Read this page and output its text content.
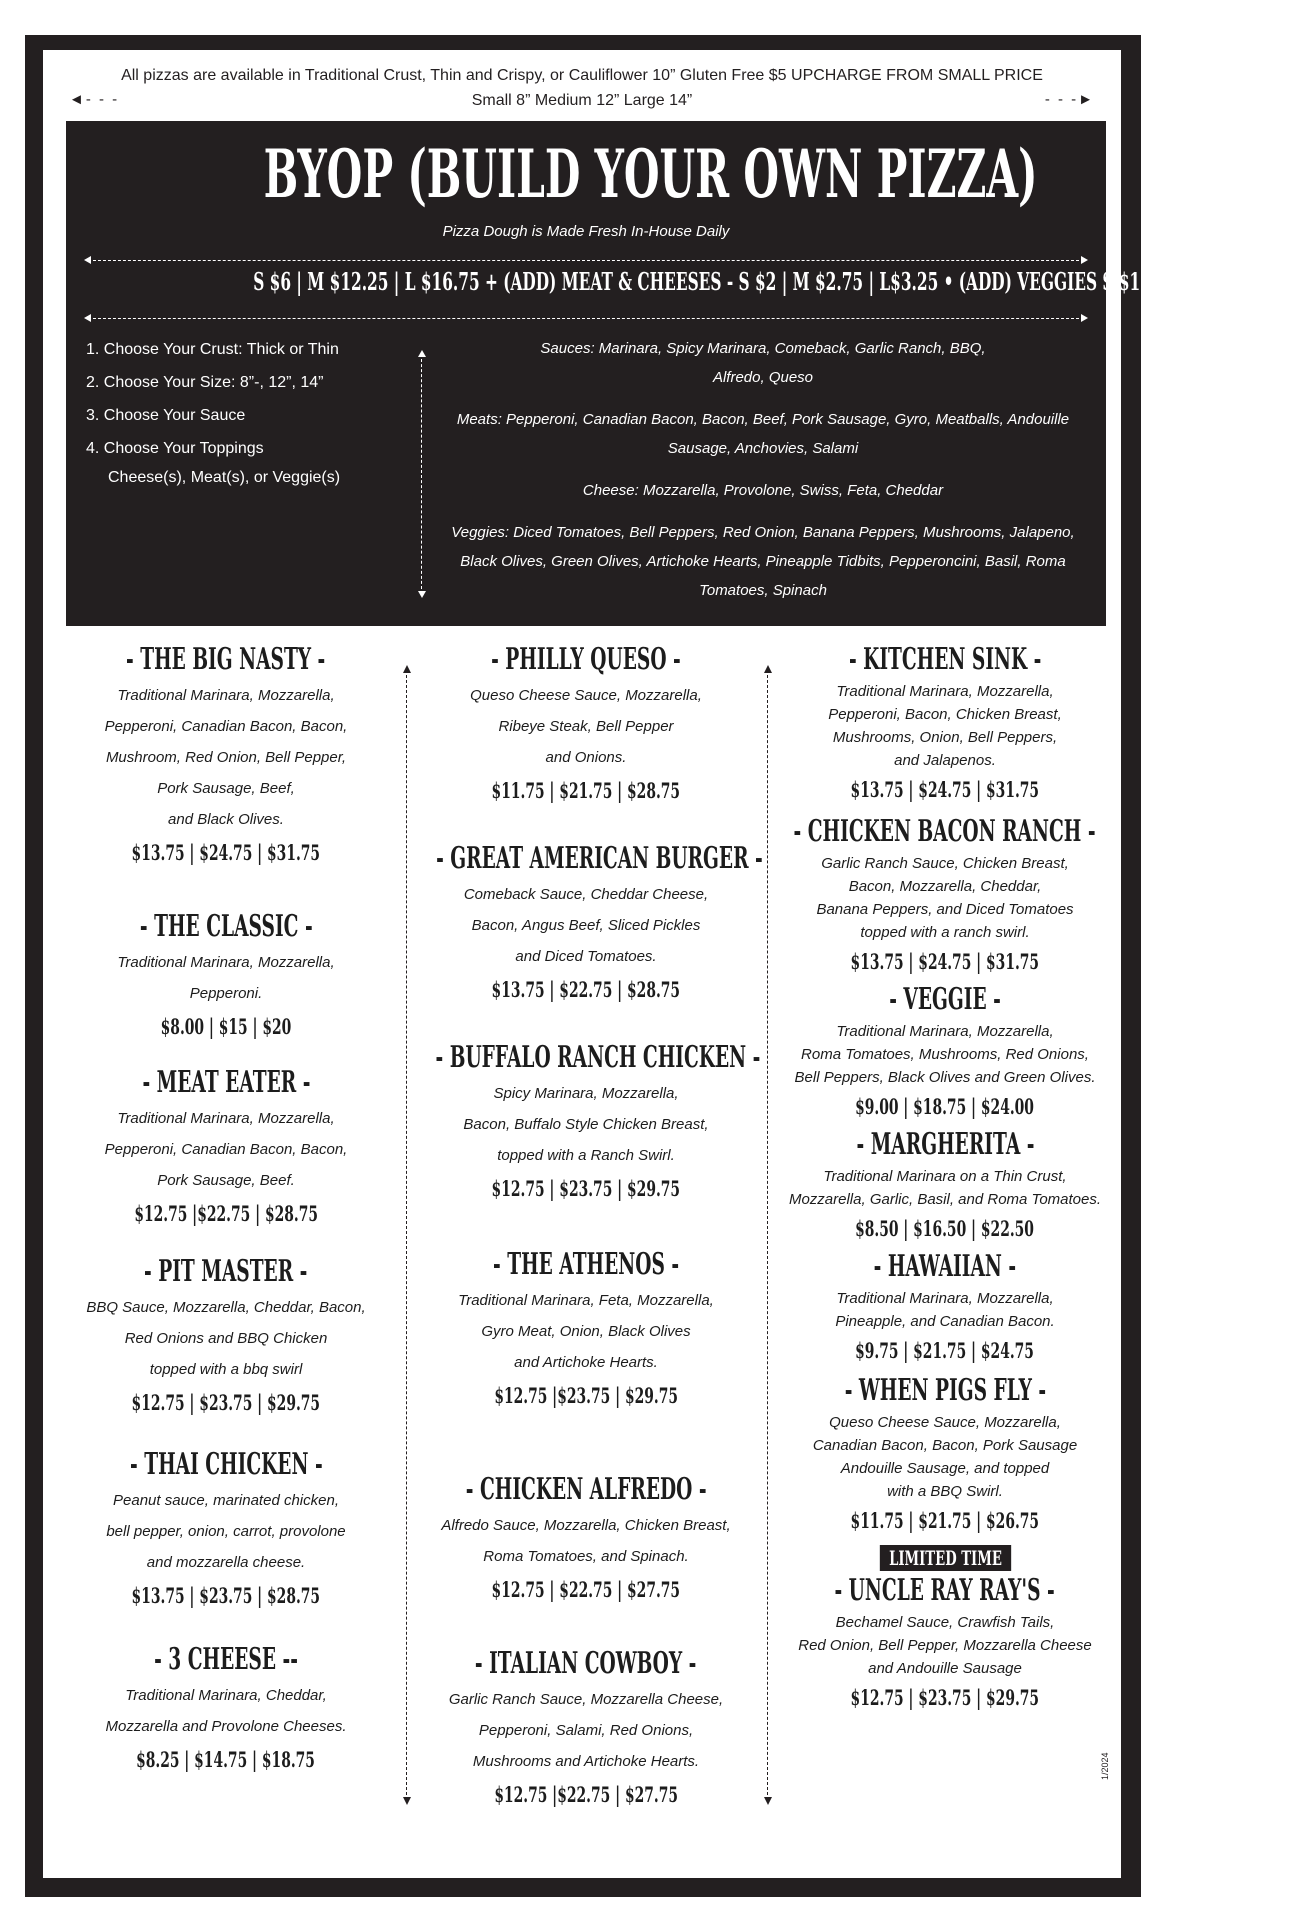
All pizzas are available in Traditional Crust, Thin and Crispy, or Cauliflower 10” Gluten Free $5 UPCHARGE FROM SMALL PRICE
Small 8” Medium 12” Large 14”
◄- - -	- - -►
BYOP (BUILD YOUR OWN PIZZA)
Pizza Dough is Made Fresh In-House Daily
S $6 | M $12.25 | L $16.75 + (ADD) MEAT & CHEESES - S $2 | M $2.75 | L$3.25 • (ADD) VEGGIES S $1 | M $1.50 | L$1.75
1. Choose Your Crust: Thick or Thin
2. Choose Your Size: 8”-, 12”, 14”
3. Choose Your Sauce
4. Choose Your Toppings
Cheese(s), Meat(s), or Veggie(s)

Sauces: Marinara, Spicy Marinara, Comeback, Garlic Ranch, BBQ, Alfredo, Queso

Meats: Pepperoni, Canadian Bacon, Bacon, Beef, Pork Sausage, Gyro, Meatballs, Andouille Sausage, Anchovies, Salami

Cheese: Mozzarella, Provolone, Swiss, Feta, Cheddar

Veggies: Diced Tomatoes, Bell Peppers, Red Onion, Banana Peppers, Mushrooms, Jalapeno, Black Olives, Green Olives, Artichoke Hearts, Pineapple Tidbits, Pepperoncini, Basil, Roma Tomatoes, Spinach

- THE BIG NASTY -
Traditional Marinara, Mozzarella,
Pepperoni, Canadian Bacon, Bacon,
Mushroom, Red Onion, Bell Pepper,
Pork Sausage, Beef,
and Black Olives.
$13.75 | $24.75 | $31.75
- THE CLASSIC -
Traditional Marinara, Mozzarella,
Pepperoni.
$8.00 | $15 | $20
- MEAT EATER -
Traditional Marinara, Mozzarella,
Pepperoni, Canadian Bacon, Bacon,
Pork Sausage, Beef.
$12.75 |$22.75 | $28.75
- PIT MASTER -
BBQ Sauce, Mozzarella, Cheddar, Bacon,
Red Onions and BBQ Chicken
topped with a bbq swirl
$12.75 | $23.75 | $29.75
- THAI CHICKEN -
Peanut sauce, marinated chicken,
bell pepper, onion, carrot, provolone
and mozzarella cheese.
$13.75 | $23.75 | $28.75
- 3 CHEESE --
Traditional Marinara, Cheddar,
Mozzarella and Provolone Cheeses.
$8.25 | $14.75 | $18.75
- PHILLY QUESO -
Queso Cheese Sauce, Mozzarella,
Ribeye Steak, Bell Pepper
and Onions.
$11.75 | $21.75 | $28.75
- GREAT AMERICAN BURGER -
Comeback Sauce, Cheddar Cheese,
Bacon, Angus Beef, Sliced Pickles
and Diced Tomatoes.
$13.75 | $22.75 | $28.75
- BUFFALO RANCH CHICKEN -
Spicy Marinara, Mozzarella,
Bacon, Buffalo Style Chicken Breast,
topped with a Ranch Swirl.
$12.75 | $23.75 | $29.75
- THE ATHENOS -
Traditional Marinara, Feta, Mozzarella,
Gyro Meat, Onion, Black Olives
and Artichoke Hearts.
$12.75 |$23.75 | $29.75
- CHICKEN ALFREDO -
Alfredo Sauce, Mozzarella, Chicken Breast,
Roma Tomatoes, and Spinach.
$12.75 | $22.75 | $27.75
- ITALIAN COWBOY -
Garlic Ranch Sauce, Mozzarella Cheese,
Pepperoni, Salami, Red Onions,
Mushrooms and Artichoke Hearts.
$12.75 |$22.75 | $27.75
- KITCHEN SINK -
Traditional Marinara, Mozzarella,
Pepperoni, Bacon, Chicken Breast,
Mushrooms, Onion, Bell Peppers,
and Jalapenos.
$13.75 | $24.75 | $31.75
- CHICKEN BACON RANCH -
Garlic Ranch Sauce, Chicken Breast,
Bacon, Mozzarella, Cheddar,
Banana Peppers, and Diced Tomatoes
topped with a ranch swirl.
$13.75 | $24.75 | $31.75
- VEGGIE -
Traditional Marinara, Mozzarella,
Roma Tomatoes, Mushrooms, Red Onions,
Bell Peppers, Black Olives and Green Olives.
$9.00 | $18.75 | $24.00
- MARGHERITA -
Traditional Marinara on a Thin Crust,
Mozzarella, Garlic, Basil, and Roma Tomatoes.
$8.50 | $16.50 | $22.50
- HAWAIIAN -
Traditional Marinara, Mozzarella,
Pineapple, and Canadian Bacon.
$9.75 | $21.75 | $24.75
- WHEN PIGS FLY -
Queso Cheese Sauce, Mozzarella,
Canadian Bacon, Bacon, Pork Sausage
Andouille Sausage, and topped
with a BBQ Swirl.
$11.75 | $21.75 | $26.75
LIMITED TIME
- UNCLE RAY RAY'S -
Bechamel Sauce, Crawfish Tails,
Red Onion, Bell Pepper, Mozzarella Cheese
and Andouille Sausage
$12.75 | $23.75 | $29.75
1/2024
